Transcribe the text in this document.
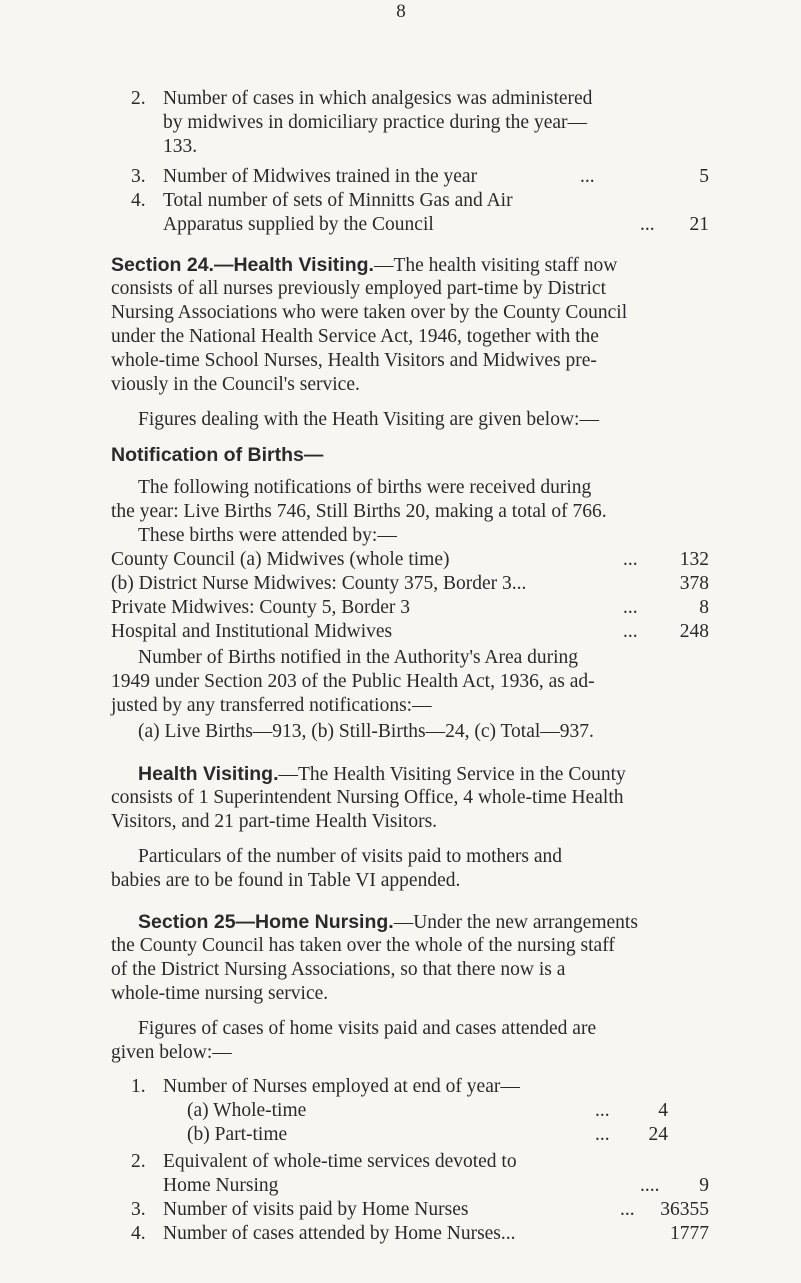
8
2. Number of cases in which analgesics was administered
by midwives in domiciliary practice during the year—
133.
3. Number of Midwives trained in the year	...	5
4. Total number of sets of Minnitts Gas and Air
Apparatus supplied by the Council	...	21
Section 24.—Health Visiting.—The health visiting staff now
consists of all nurses previously employed part-time by District
Nursing Associations who were taken over by the County Council
under the National Health Service Act, 1946, together with the
whole-time School Nurses, Health Visitors and Midwives pre-
viously in the Council's service.
Figures dealing with the Heath Visiting are given below:—
Notification of Births—
The following notifications of births were received during
the year: Live Births 746, Still Births 20, making a total of 766.
These births were attended by:—
County Council (a) Midwives (whole time)	...	132
(b) District Nurse Midwives: County 375, Border 3...	378
Private Midwives: County 5, Border 3	...	8
Hospital and Institutional Midwives	...	248
Number of Births notified in the Authority's Area during
1949 under Section 203 of the Public Health Act, 1936, as ad-
justed by any transferred notifications:—
(a) Live Births—913, (b) Still-Births—24, (c) Total—937.
Health Visiting.—The Health Visiting Service in the County
consists of 1 Superintendent Nursing Office, 4 whole-time Health
Visitors, and 21 part-time Health Visitors.
Particulars of the number of visits paid to mothers and
babies are to be found in Table VI appended.
Section 25—Home Nursing.—Under the new arrangements
the County Council has taken over the whole of the nursing staff
of the District Nursing Associations, so that there now is a
whole-time nursing service.
Figures of cases of home visits paid and cases attended are
given below:—
1. Number of Nurses employed at end of year—
(a) Whole-time	...	4
(b) Part-time	...	24
2. Equivalent of whole-time services devoted to
Home Nursing	....	9
3. Number of visits paid by Home Nurses	...	36355
4. Number of cases attended by Home Nurses...	1777
